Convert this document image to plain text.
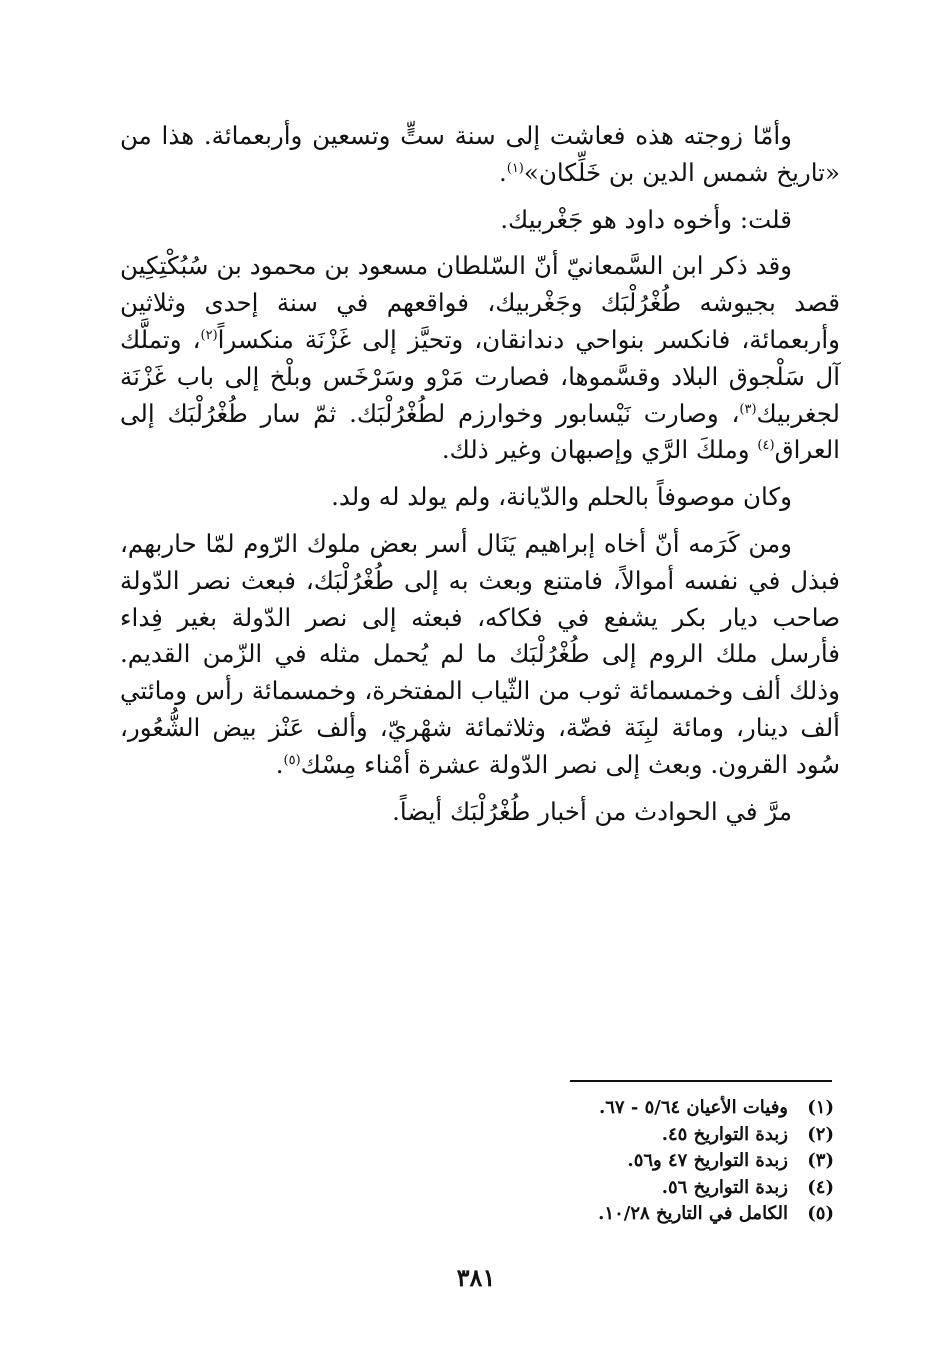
وأمّا زوجته هذه فعاشت إلى سنة ستٍّ وتسعين وأربعمائة. هذا من «تاريخ شمس الدين بن خَلِّكان»$^{(١)}$.

قلت: وأخوه داود هو جَغْربيك.

وقد ذكر ابن السَّمعانيّ أنّ السّلطان مسعود بن محمود بن سُبُكْتِكِين قصد بجيوشه طُغْرُلْبَك وجَغْربيك، فواقعهم في سنة إحدى وثلاثين وأربعمائة، فانكسر بنواحي دندانقان، وتحيَّز إلى غَزْنَة منكسراً$^{(٢)}$، وتملَّك آل سَلْجوق البلاد وقسَّموها، فصارت مَرْو وسَرْخَس وبلْخ إلى باب غَزْنَة لجغربيك$^{(٣)}$، وصارت نَيْسابور وخوارزم لطُغْرُلْبَك. ثمّ سار طُغْرُلْبَك إلى العراق$^{(٤)}$ وملكَ الرَّي وإصبهان وغير ذلك.

وكان موصوفاً بالحلم والدّيانة، ولم يولد له ولد.

ومن كَرَمه أنّ أخاه إبراهيم يَنَال أسر بعض ملوك الرّوم لمّا حاربهم، فبذل في نفسه أموالاً، فامتنع وبعث به إلى طُغْرُلْبَك، فبعث نصر الدّولة صاحب ديار بكر يشفع في فكاكه، فبعثه إلى نصر الدّولة بغير فِداء فأرسل ملك الروم إلى طُغْرُلْبَك ما لم يُحمل مثله في الزّمن القديم. وذلك ألف وخمسمائة ثوب من الثّياب المفتخرة، وخمسمائة رأس ومائتي ألف دينار، ومائة لبِنَة فضّة، وثلاثمائة شهْريّ، وألف عَنْز بيض الشُّعُور، سُود القرون. وبعث إلى نصر الدّولة عشرة أمْناء مِسْك$^{(٥)}$.

مرَّ في الحوادث من أخبار طُغْرُلْبَك أيضاً.

(١)
وفيات الأعيان ٥/٦٤ - ٦٧.
(٢)
زبدة التواريخ ٤٥.
(٣)
زبدة التواريخ ٤٧ و٥٦.
(٤)
زبدة التواريخ ٥٦.
(٥)
الكامل في التاريخ ١٠/٢٨.
٣٨١
